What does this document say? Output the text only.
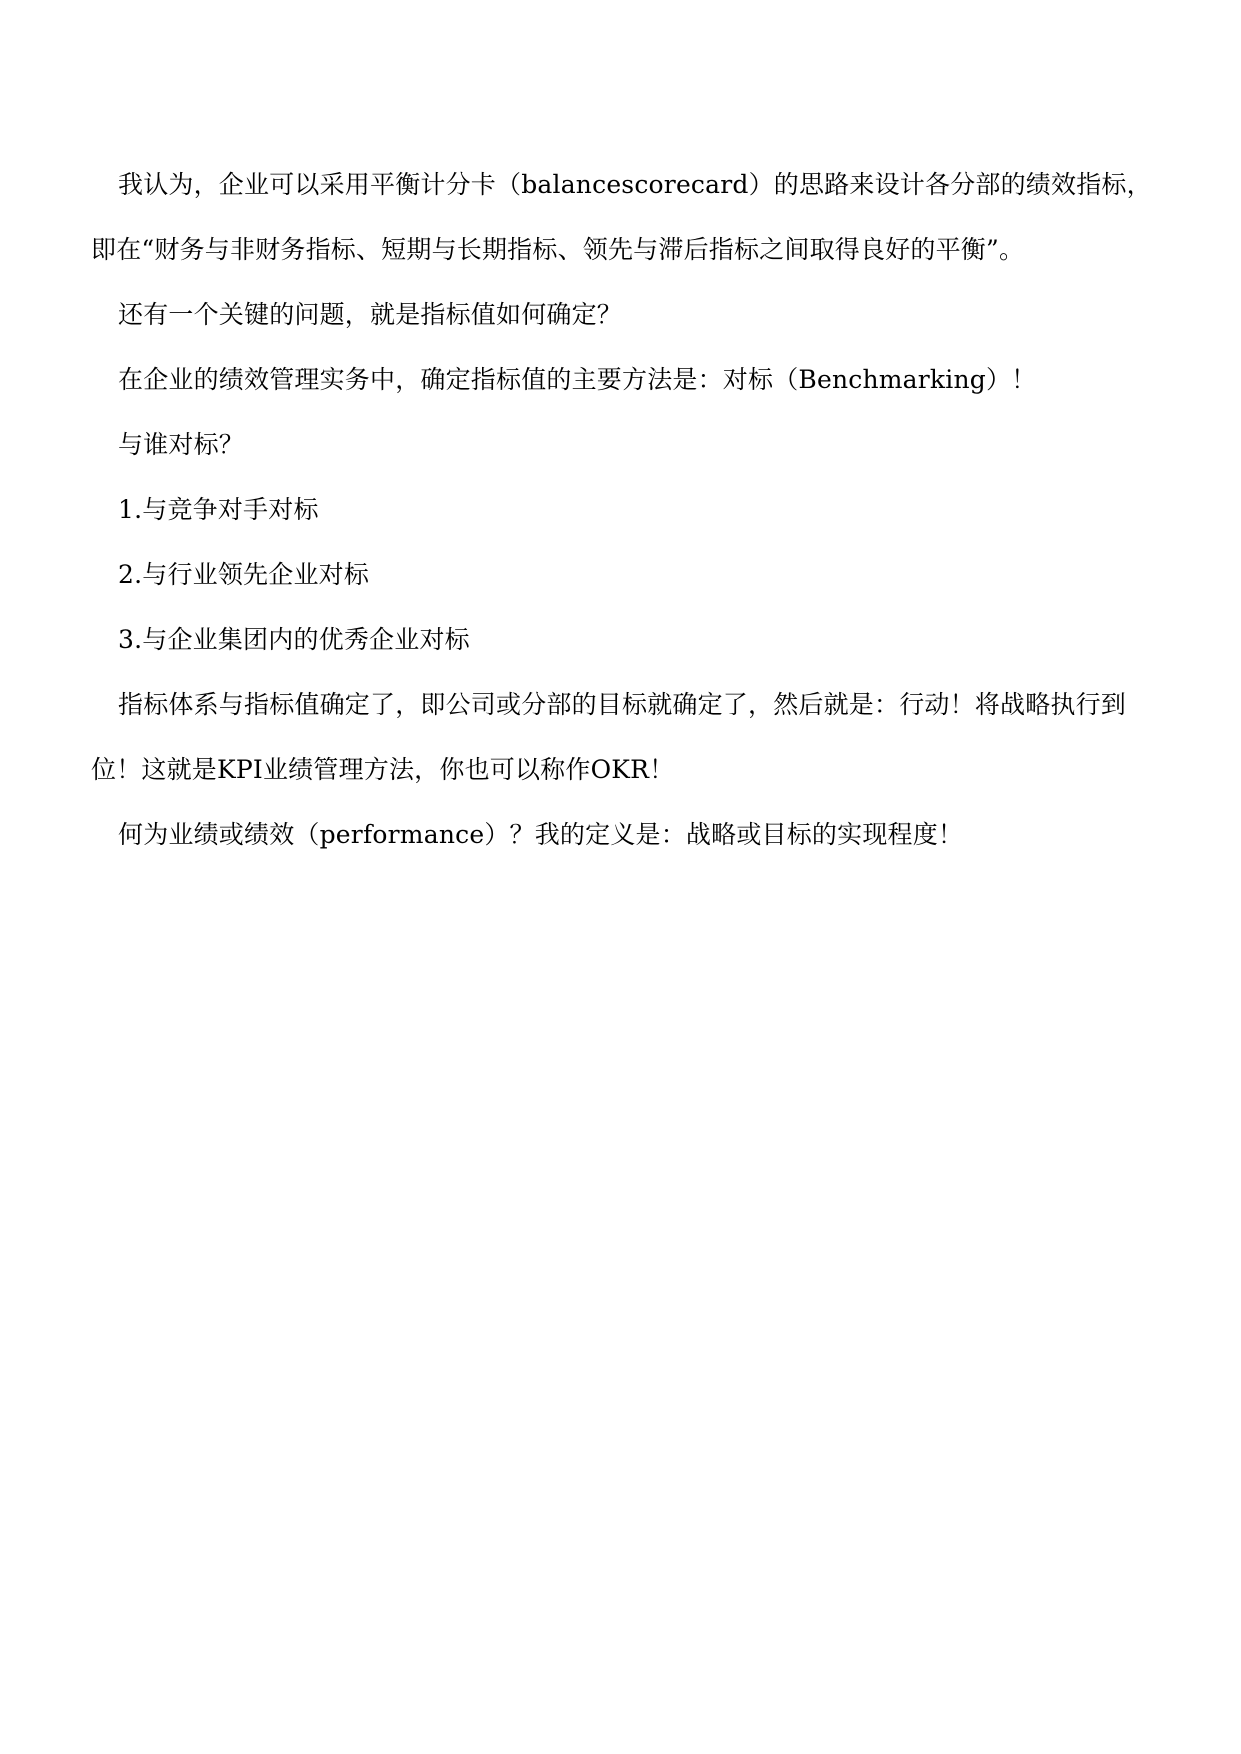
我认为，企业可以采用平衡计分卡（balancescorecard）的思路来设计各分部的绩效指标，即在“财务与非财务指标、短期与长期指标、领先与滞后指标之间取得良好的平衡”。

还有一个关键的问题，就是指标值如何确定？

在企业的绩效管理实务中，确定指标值的主要方法是：对标（Benchmarking）！

与谁对标？

1.与竞争对手对标

2.与行业领先企业对标

3.与企业集团内的优秀企业对标

指标体系与指标值确定了，即公司或分部的目标就确定了，然后就是：行动！将战略执行到位！这就是KPI业绩管理方法，你也可以称作OKR！

何为业绩或绩效（performance）？我的定义是：战略或目标的实现程度！
